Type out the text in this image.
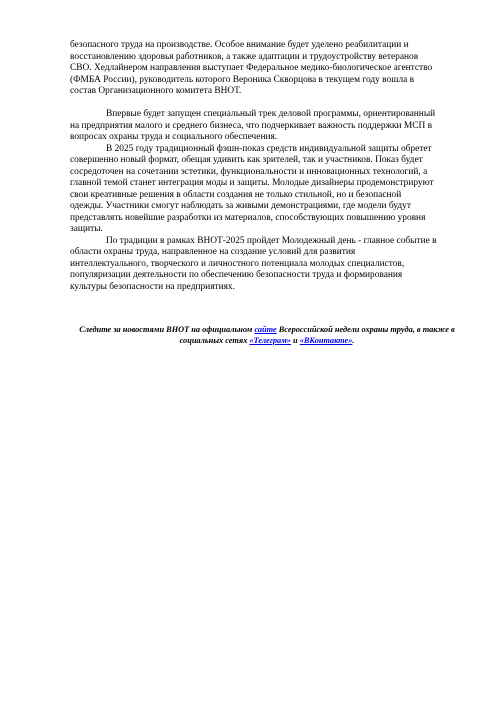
безопасного труда на производстве. Особое внимание будет уделено реабилитации и
восстановлению здоровья работников, а также адаптации и трудоустройству ветеранов
СВО. Хедлайнером направления выступает Федеральное медико-биологическое агентство
(ФМБА России), руководитель которого Вероника Скворцова в текущем году вошла в
состав Организационного комитета ВНОТ.

Впервые будет запущен специальный трек деловой программы, ориентированный
на предприятия малого и среднего бизнеса, что подчеркивает важность поддержки МСП в
вопросах охраны труда и социального обеспечения.

В 2025 году традиционный фэшн-показ средств индивидуальной защиты обретет
совершенно новый формат, обещая удивить как зрителей, так и участников. Показ будет
сосредоточен на сочетании эстетики, функциональности и инновационных технологий, а
главной темой станет интеграция моды и защиты. Молодые дизайнеры продемонстрируют
свои креативные решения в области создания не только стильной, но и безопасной
одежды. Участники смогут наблюдать за живыми демонстрациями, где модели будут
представлять новейшие разработки из материалов, способствующих повышению уровня
защиты.

По традиции в рамках ВНОТ-2025 пройдет Молодежный день - главное событие в
области охраны труда, направленное на создание условий для развития
интеллектуального, творческого и личностного потенциала молодых специалистов,
популяризации деятельности по обеспечению безопасности труда и формирования
культуры безопасности на предприятиях.

Следите за новостями ВНОТ на официальном сайте Всероссийской недели охраны труда, в также в
социальных сетях «Телеграм» и «ВКонтакте».
